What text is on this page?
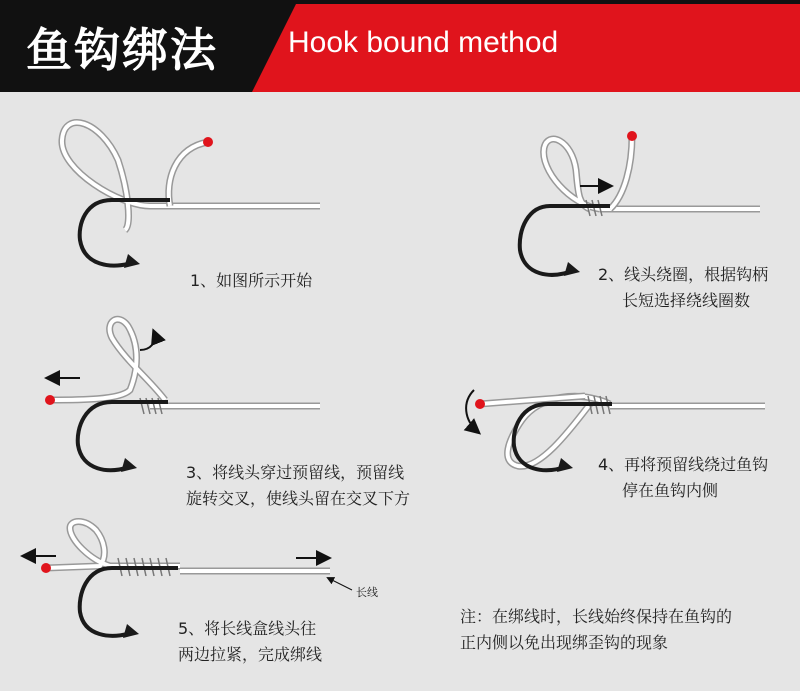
鱼钩绑法 Hook bound method
1、如图所示开始	2、线头绕圈，根据钩柄
长短选择绕线圈数
3、将线头穿过预留线，预留线
旋转交叉，使线头留在交叉下方
4、再将预留线绕过鱼钩
停在鱼钩内侧
5、将长线盒线头往
两边拉紧，完成绑线
长线
注：在绑线时，长线始终保持在鱼钩的
正内侧以免出现绑歪钩的现象
